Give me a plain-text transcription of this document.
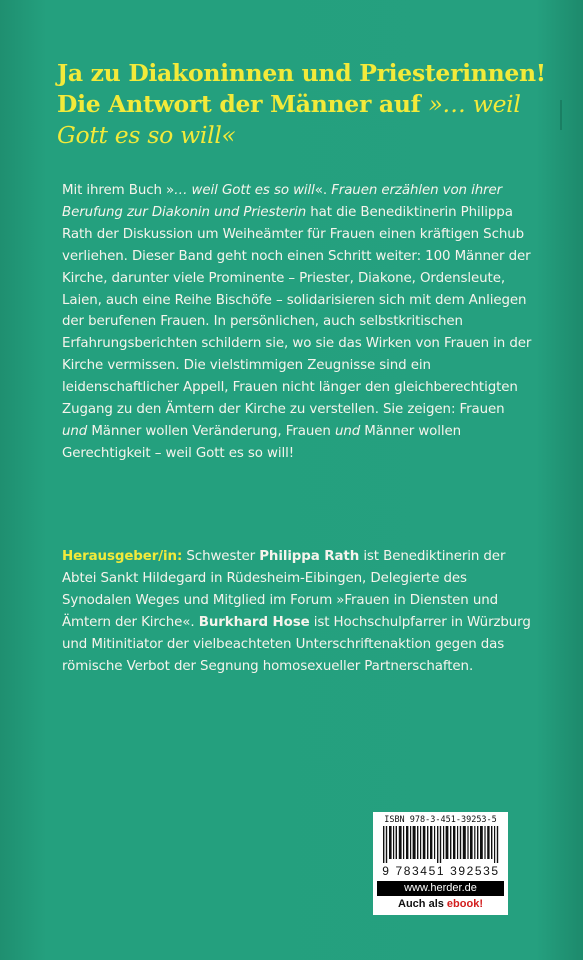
Ja zu Diakoninnen und Priesterinnen!
Die Antwort der Männer auf »… weil
Gott es so will«

Mit ihrem Buch »… weil Gott es so will«. Frauen erzählen von ihrer Berufung zur Diakonin und Priesterin hat die Benediktinerin Philippa Rath der Diskussion um Weiheämter für Frauen einen kräftigen Schub verliehen. Dieser Band geht noch einen Schritt weiter: 100 Männer der Kirche, darunter viele Prominente – Priester, Diakone, Ordensleute, Laien, auch eine Reihe Bischöfe – solidarisieren sich mit dem Anliegen der berufenen Frauen. In persönlichen, auch selbstkritischen Erfahrungsberichten schildern sie, wo sie das Wirken von Frauen in der Kirche vermissen. Die vielstimmigen Zeugnisse sind ein leidenschaftlicher Appell, Frauen nicht länger den gleichberechtigten Zugang zu den Ämtern der Kirche zu verstellen. Sie zeigen: Frauen und Männer wollen Veränderung, Frauen und Männer wollen Gerechtigkeit – weil Gott es so will!

Herausgeber/in: Schwester Philippa Rath ist Benediktinerin der Abtei Sankt Hildegard in Rüdesheim-Eibingen, Delegierte des Synodalen Weges und Mitglied im Forum »Frauen in Diensten und Ämtern der Kirche«. Burkhard Hose ist Hochschulpfarrer in Würzburg und Mitinitiator der vielbeachteten Unterschriftenaktion gegen das römische Verbot der Segnung homosexueller Partnerschaften.
ISBN 978-3-451-39253-5
9 783451 392535
www.herder.de
Auch als ebook!
